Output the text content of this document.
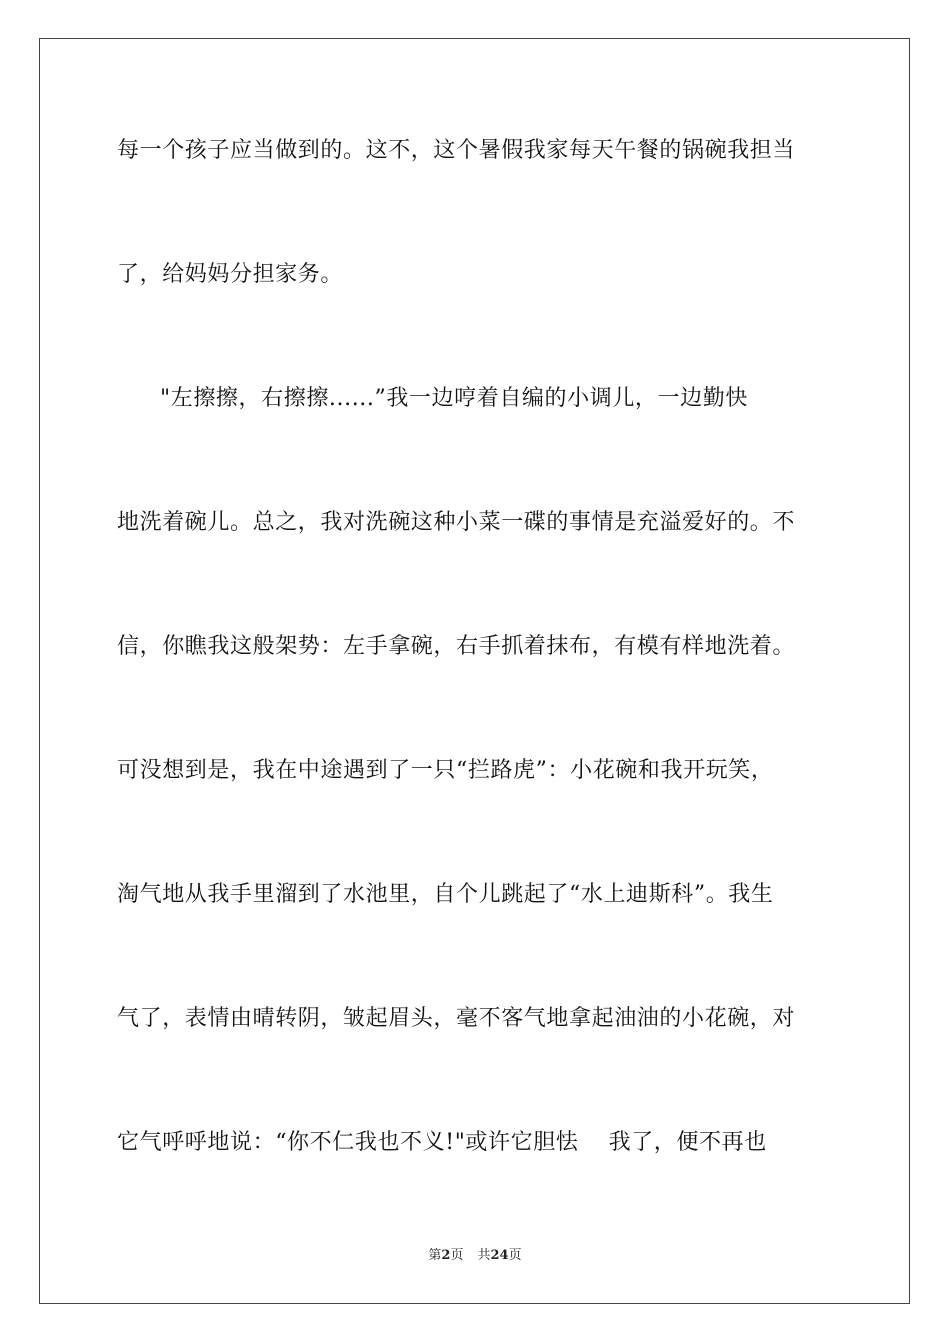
每一个孩子应当做到的。这不，这个暑假我家每天午餐的锅碗我担当
了，给妈妈分担家务。
"左擦擦，右擦擦......”我一边哼着自编的小调儿，一边勤快
地洗着碗儿。总之，我对洗碗这种小菜一碟的事情是充溢爱好的。不
信，你瞧我这般架势：左手拿碗，右手抓着抹布，有模有样地洗着。
可没想到是，我在中途遇到了一只“拦路虎”：小花碗和我开玩笑，
淘气地从我手里溜到了水池里，自个儿跳起了“水上迪斯科”。我生
气了，表情由晴转阴，皱起眉头，毫不客气地拿起油油的小花碗，对
它气呼呼地说：“你不仁我也不义!"或许它胆怯　 我了，便不再也
第2页 共24页
